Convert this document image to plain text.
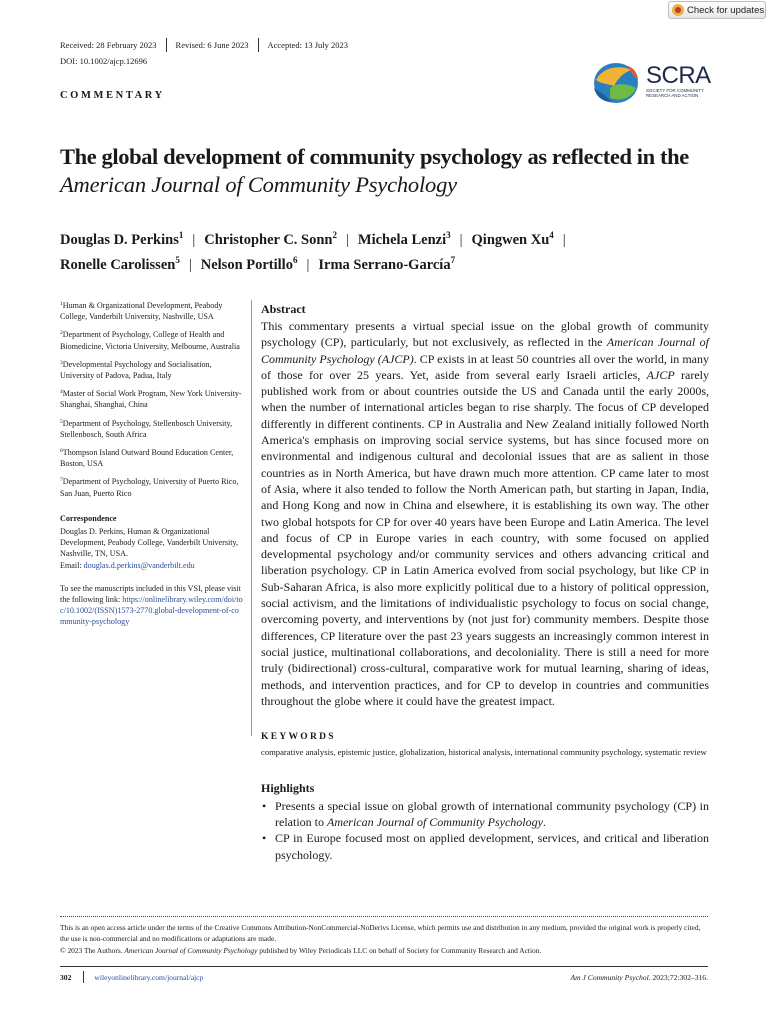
Check for updates
Received: 28 February 2023 Revised: 6 June 2023 Accepted: 13 July 2023
DOI: 10.1002/ajcp.12696
COMMENTARY
SCRA
SOCIETY FOR COMMUNITY RESEARCH AND ACTION
The global development of community psychology as reflected in the
American Journal of Community Psychology
Douglas D. Perkins$^1$ | Christopher C. Sonn$^2$ | Michela Lenzi$^3$ | Qingwen Xu$^4$ |
Ronelle Carolissen$^5$ | Nelson Portillo$^6$ | Irma Serrano-García$^7$
$^1$Human & Organizational Development, Peabody College, Vanderbilt University, Nashville, USA
$^2$Department of Psychology, College of Health and Biomedicine, Victoria University, Melbourne, Australia
$^3$Developmental Psychology and Socialisation, University of Padova, Padua, Italy
$^4$Master of Social Work Program, New York University-Shanghai, Shanghai, China
$^5$Department of Psychology, Stellenbosch University, Stellenbosch, South Africa
$^6$Thompson Island Outward Bound Education Center, Boston, USA
$^7$Department of Psychology, University of Puerto Rico, San Juan, Puerto Rico
Correspondence

Douglas D. Perkins, Human & Organizational Development, Peabody College, Vanderbilt University, Nashville, TN, USA.

Email: douglas.d.perkins@vanderbilt.edu

To see the manuscripts included in this VSI, please visit the following link: https://onlinelibrary.wiley.com/doi/toc/10.1002/(ISSN)1573-2770.global-development-of-community-psychology
Abstract

This commentary presents a virtual special issue on the global growth of community psychology (CP), particularly, but not exclusively, as reflected in the American Journal of Community Psychology (AJCP). CP exists in at least 50 countries all over the world, in many of those for over 25 years. Yet, aside from several early Israeli articles, AJCP rarely published work from or about countries outside the US and Canada until the early 2000s, when the number of international articles began to rise sharply. The focus of CP developed differently in different continents. CP in Australia and New Zealand initially followed North America's emphasis on improving social service systems, but has since focused more on environmental and indigenous cultural and decolonial issues that are as salient in those countries as in North America, but have drawn much more attention. CP came later to most of Asia, where it also tended to follow the North American path, but starting in Japan, India, and Hong Kong and now in China and elsewhere, it is establishing its own way. The other two global hotspots for CP for over 40 years have been Europe and Latin America. The level and focus of CP in Europe varies in each country, with some focused on applied developmental psychology and/or community services and others advancing critical and liberation psychology. CP in Latin America evolved from social psychology, but like CP in Sub-Saharan Africa, is also more explicitly political due to a history of political oppression, social activism, and the limitations of individualistic psychology to focus on social change, overcoming poverty, and interventions by (not just for) community members. Despite those differences, CP literature over the past 23 years suggests an increasingly common interest in social justice, multinational collaborations, and decoloniality. There is still a need for more truly (bidirectional) cross-cultural, comparative work for mutual learning, sharing of ideas, methods, and intervention practices, and for CP to develop in countries and communities throughout the globe where it could have the greatest impact.

KEYWORDS
comparative analysis, epistemic justice, globalization, historical analysis, international community psychology, systematic review
Highlights
• Presents a special issue on global growth of international community psychology (CP) in relation to American Journal of Community Psychology.
• CP in Europe focused most on applied development, services, and critical and liberation psychology.
This is an open access article under the terms of the Creative Commons Attribution-NonCommercial-NoDerivs License, which permits use and distribution in any medium, provided the original work is properly cited, the use is non-commercial and no modifications or adaptations are made.
© 2023 The Authors. American Journal of Community Psychology published by Wiley Periodicals LLC on behalf of Society for Community Research and Action.
302	wileyonlinelibrary.com/journal/ajcp	Am J Community Psychol. 2023;72:302–316.
